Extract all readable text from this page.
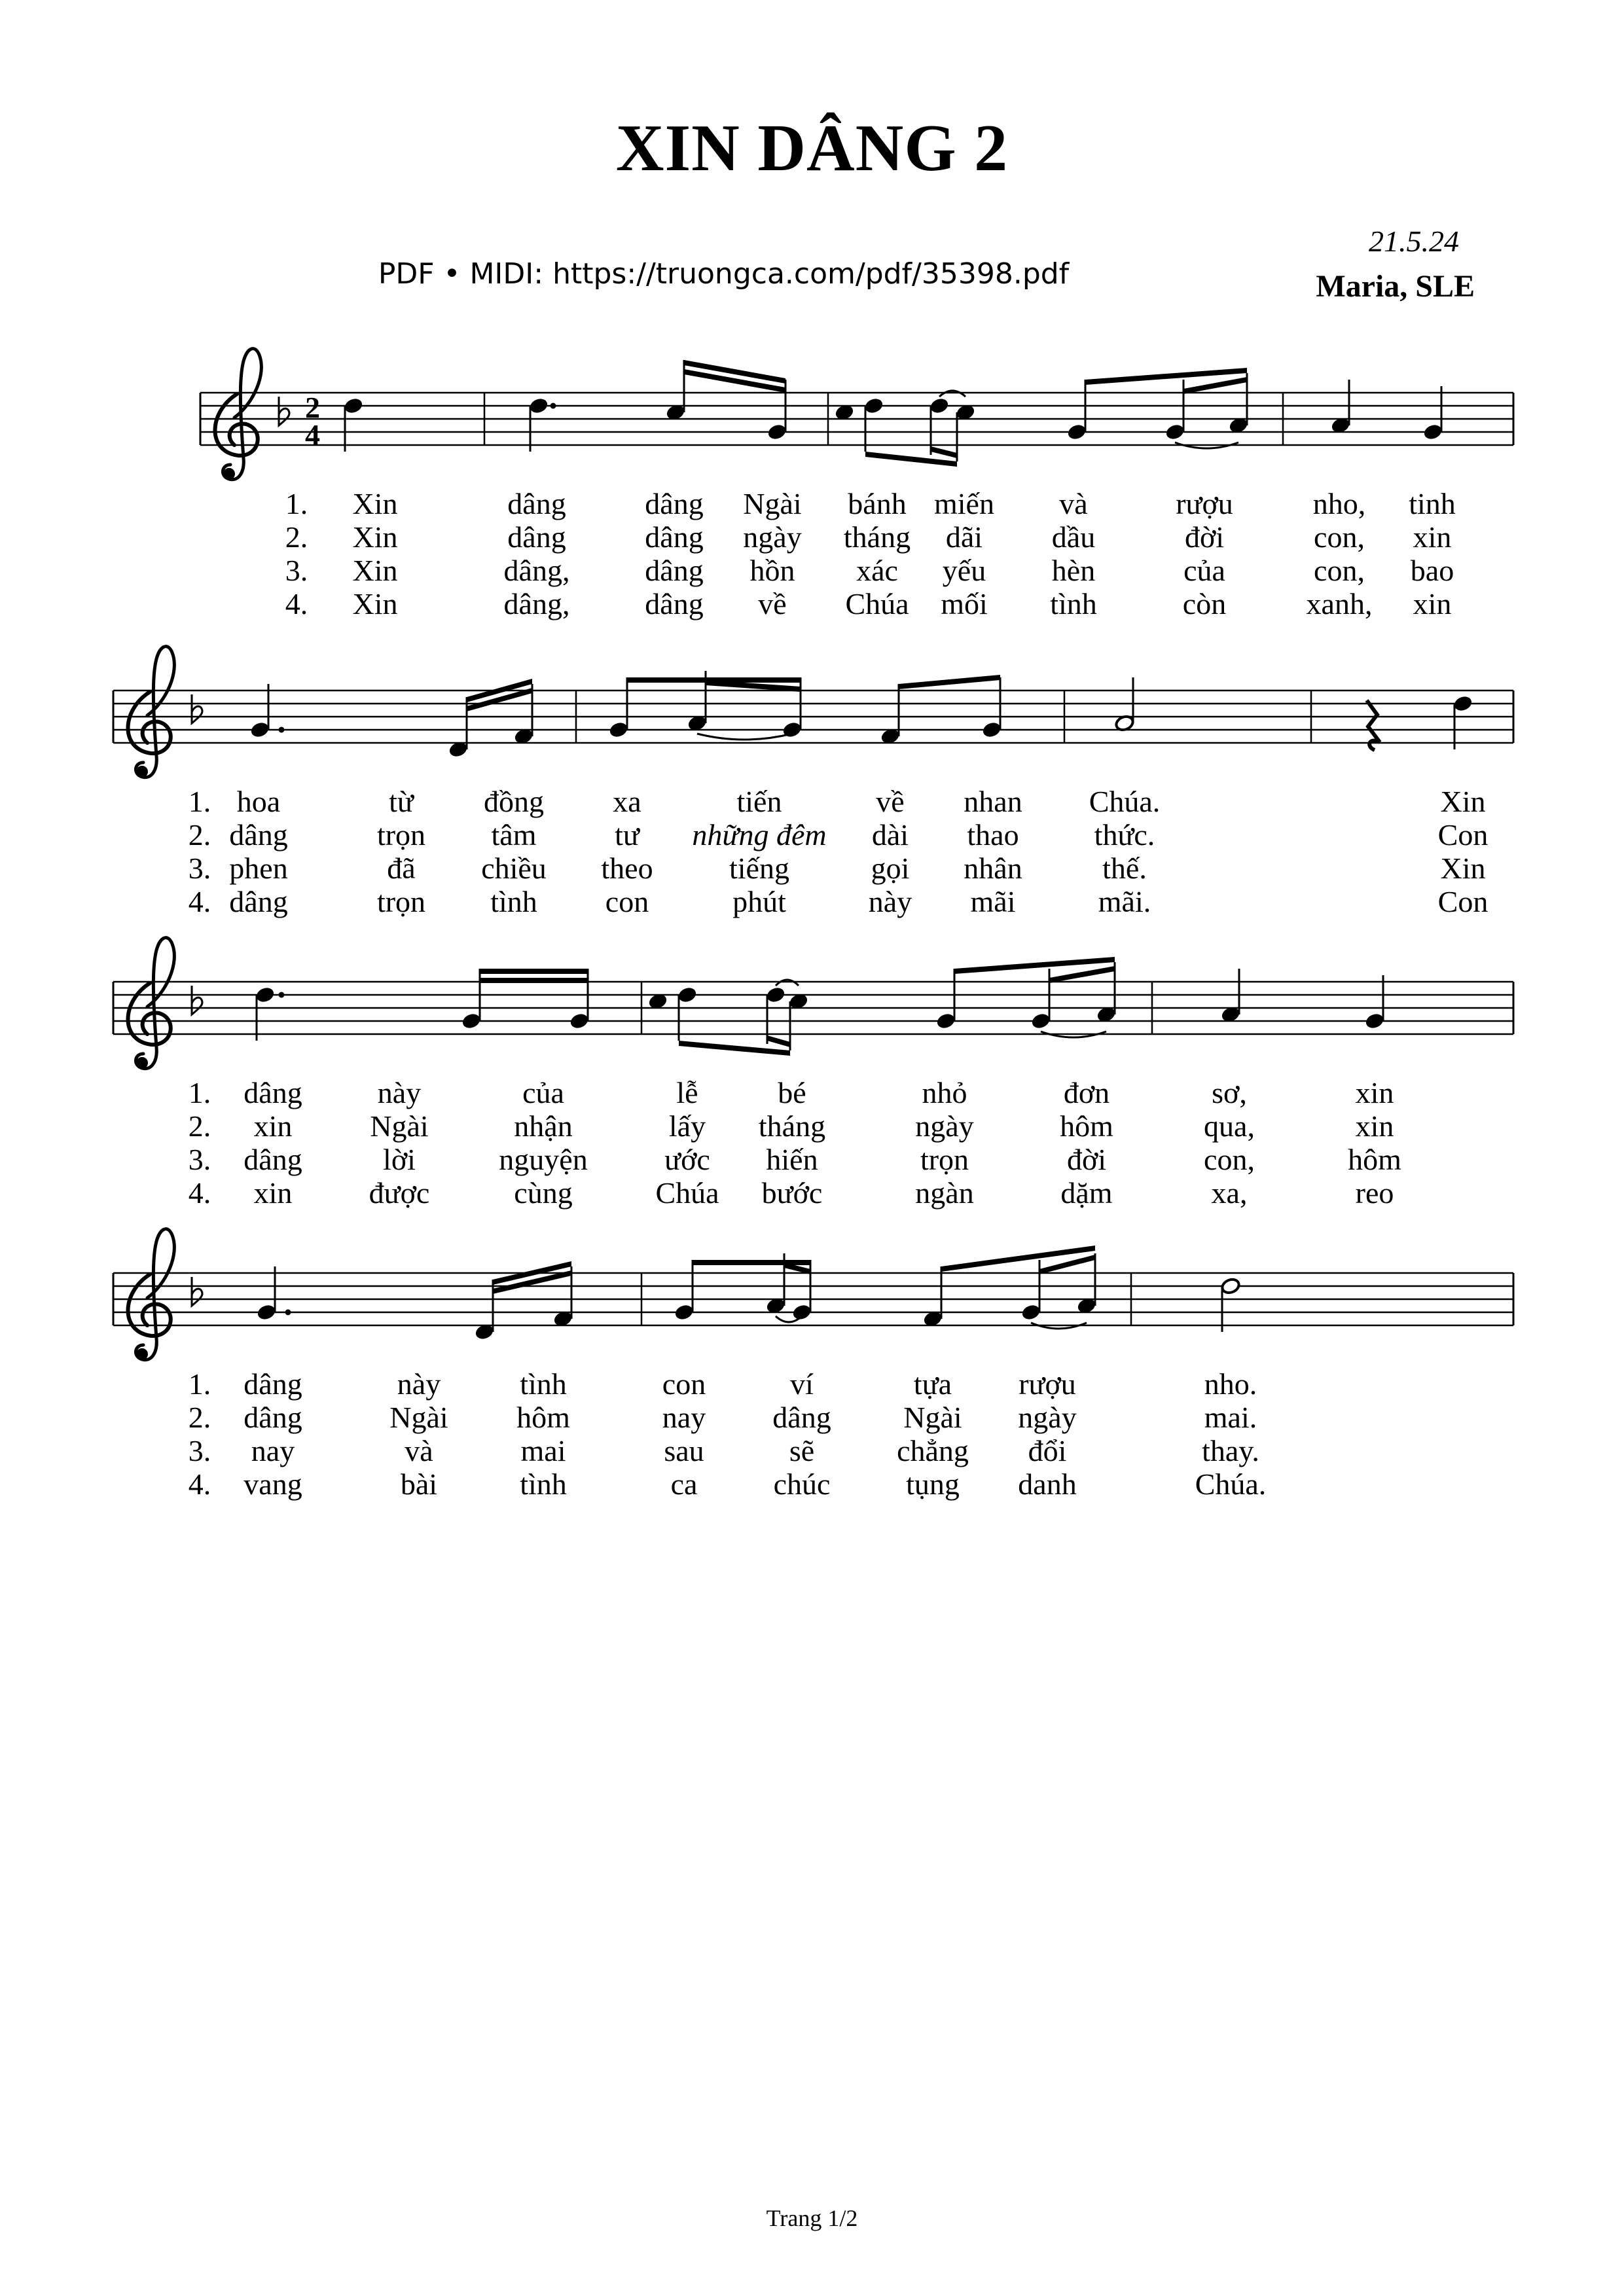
XIN DÂNG 2
PDF • MIDI: https://truongca.com/pdf/35398.pdf
21.5.24
Maria, SLE
2
4
1. Xin	dâng	dâng Ngài bánh miến và	rượu	nho, tinh
2. Xin	dâng	dâng ngày tháng dãi dầu	đời	con, xin
3. Xin	dâng, dâng hồn xác yếu hèn	của	con, bao
4. Xin	dâng, dâng về Chúa mối tình	còn	xanh, xin
1. hoa	từ đồng xa	tiến	về nhan Chúa.	Xin
2. dâng	trọn tâm	tư những đêm dài thao	thức.	Con
3. phen	đã chiều theo	tiếng	gọi nhân	thế.	Xin
4. dâng	trọn tình con	phút	này mãi	mãi.	Con
1. dâng	này	của	lễ	bé	nhỏ	đơn	sơ,	xin
2. xin	Ngài	nhận	lấy tháng	ngày	hôm	qua,	xin
3. dâng	lời	nguyện	ước hiến	trọn	đời	con,	hôm
4. xin	được	cùng	Chúa bước	ngàn	dặm	xa,	reo
1. dâng	này	tình	con	ví	tựa rượu	nho.
2. dâng	Ngài hôm	nay dâng Ngài ngày	mai.
3. nay	và	mai	sau	sẽ	chẳng đổi	thay.
4. vang	bài	tình	ca	chúc	tụng danh	Chúa.
Trang 1/2
